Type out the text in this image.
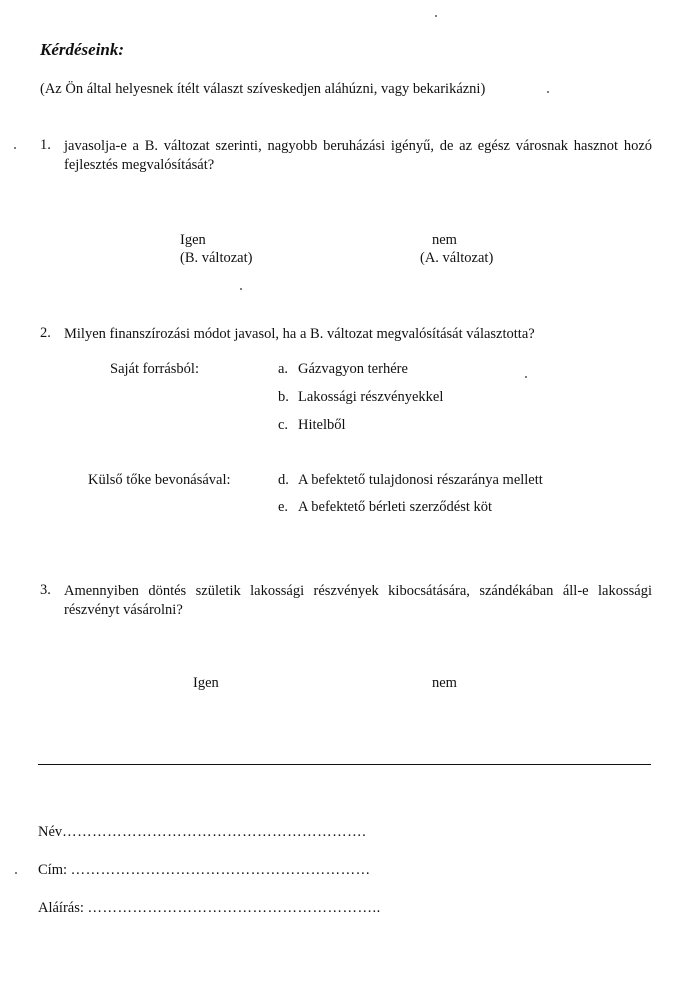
Kérdéseink:
(Az Ön által helyesnek ítélt választ szíveskedjen aláhúzni, vagy bekarikázni)
1. javasolja-e a B. változat szerinti, nagyobb beruházási igényű, de az egész városnak hasznot hozó fejlesztés megvalósítását?
Igen
(B. változat)
nem
(A. változat)
2. Milyen finanszírozási módot javasol, ha a B. változat megvalósítását választotta?
Saját forrásból:	a. Gázvagyon terhére
b. Lakossági részvényekkel
c. Hitelből
Külső tőke bevonásával:	d. A befektető tulajdonosi részaránya mellett
e. A befektető bérleti szerződést köt
3. Amennyiben döntés születik lakossági részvények kibocsátására, szándékában áll-e lakossági részvényt vásárolni?
Igen	nem
Név…………………………………………………….
Cím: ……………………………………………………
Aláírás: …………………………………………………..
